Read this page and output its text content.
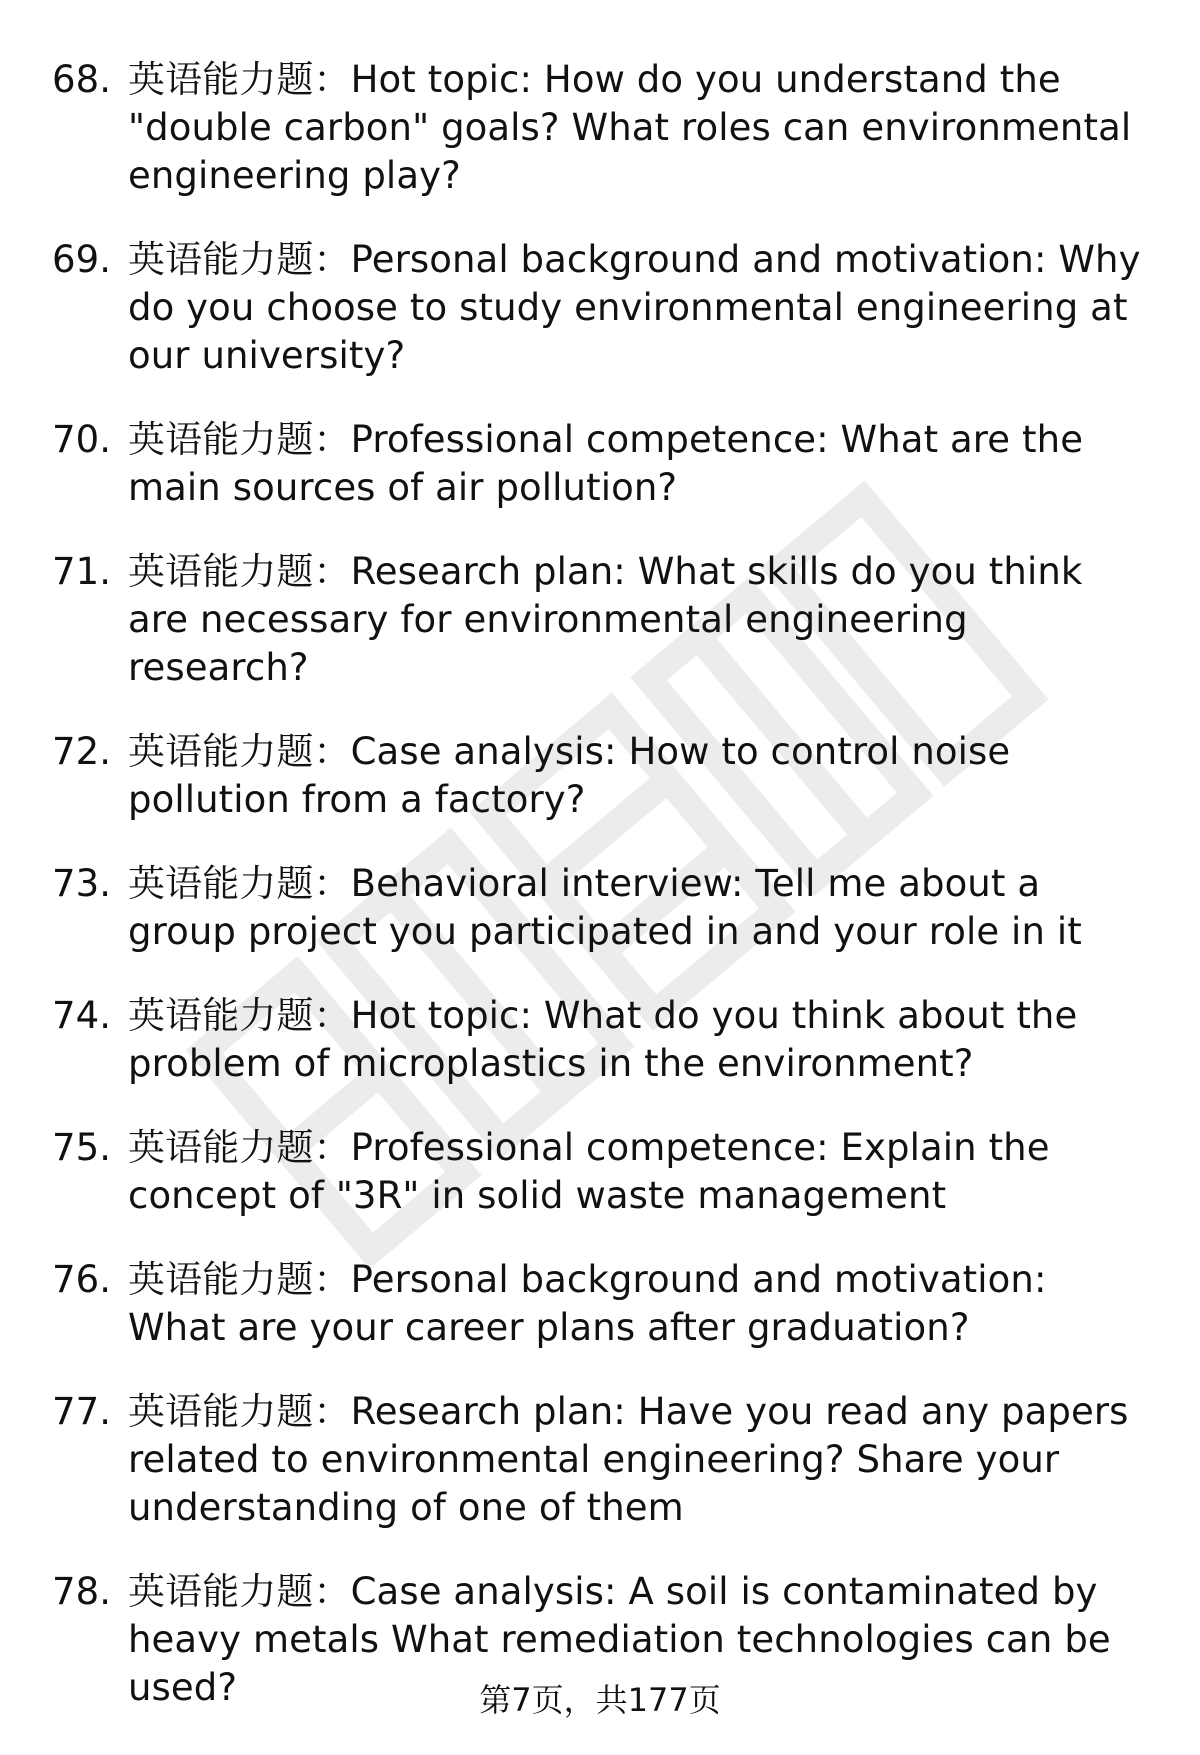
68. 英语能力题：Hot topic: How do you understand the "double carbon" goals? What roles can environmental engineering play?
69. 英语能力题：Personal background and motivation: Why do you choose to study environmental engineering at our university?
70. 英语能力题：Professional competence: What are the main sources of air pollution?
71. 英语能力题：Research plan: What skills do you think are necessary for environmental engineering research?
72. 英语能力题：Case analysis: How to control noise pollution from a factory?
73. 英语能力题：Behavioral interview: Tell me about a group project you participated in and your role in it
74. 英语能力题：Hot topic: What do you think about the problem of microplastics in the environment?
75. 英语能力题：Professional competence: Explain the concept of "3R" in solid waste management
76. 英语能力题：Personal background and motivation: What are your career plans after graduation?
77. 英语能力题：Research plan: Have you read any papers related to environmental engineering? Share your understanding of one of them
78. 英语能力题：Case analysis: A soil is contaminated by heavy metals What remediation technologies can be used?	第7页，共177页
